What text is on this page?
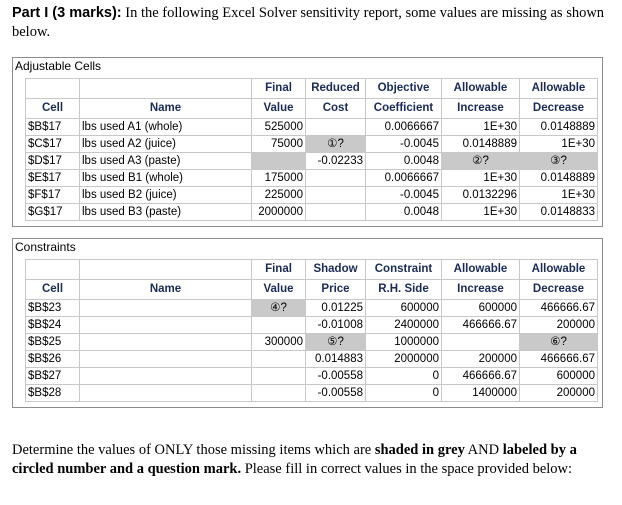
Part I (3 marks): In the following Excel Solver sensitivity report, some values are missing as shown below.
Adjustable Cells
		Final	Reduced	Objective	Allowable	Allowable
Cell	Name	Value	Cost	Coefficient	Increase	Decrease
$B$17	lbs used A1 (whole)	525000		0.0066667	1E+30	0.0148889
$C$17	lbs used A2 (juice)	75000	①?	-0.0045	0.0148889	1E+30
$D$17	lbs used A3 (paste)		-0.02233	0.0048	②?	③?
$E$17	lbs used B1 (whole)	175000		0.0066667	1E+30	0.0148889
$F$17	lbs used B2 (juice)	225000		-0.0045	0.0132296	1E+30
$G$17	lbs used B3 (paste)	2000000		0.0048	1E+30	0.0148833
Constraints
		Final	Shadow	Constraint	Allowable	Allowable
Cell	Name	Value	Price	R.H. Side	Increase	Decrease
$B$23		④?	0.01225	600000	600000	466666.67
$B$24			-0.01008	2400000	466666.67	200000
$B$25		300000	⑤?	1000000		⑥?
$B$26			0.014883	2000000	200000	466666.67
$B$27			-0.00558	0	466666.67	600000
$B$28			-0.00558	0	1400000	200000
Determine the values of ONLY those missing items which are shaded in grey AND labeled by a circled number and a question mark. Please fill in correct values in the space provided below:
